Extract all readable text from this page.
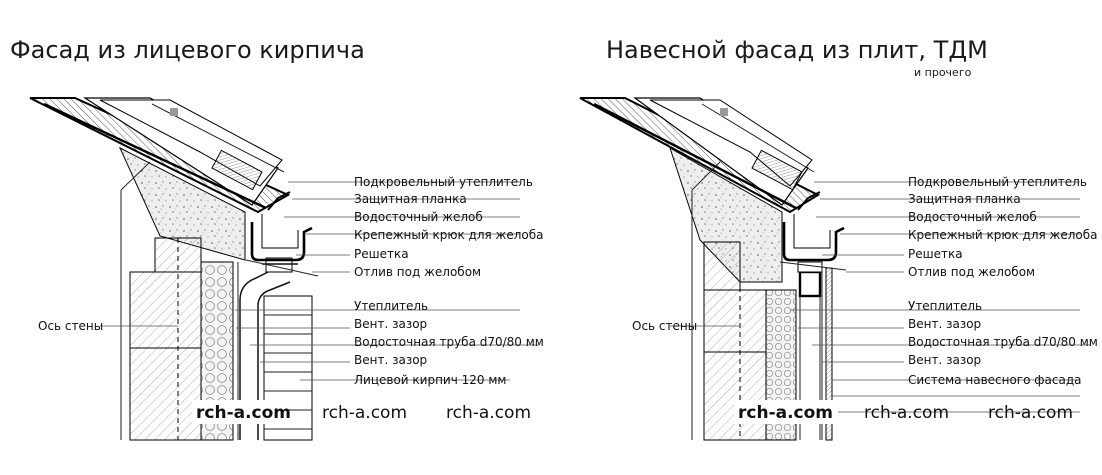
Фасад из лицевого кирпича	Навесной фасад из плит, ТДМ
и прочего
Подкровельный утеплитель
Защитная планка
Водосточный желоб
Крепежный крюк для желоба
Решетка
Отлив под желобом
Утеплитель
Вент. зазор
Водосточная труба d70/80 мм
Вент. зазор
Лицевой кирпич 120 мм
Ось стены
rch-a.com rch-a.com rch-a.com
Подкровельный утеплитель
Защитная планка
Водосточный желоб
Крепежный крюк для желоба
Решетка
Отлив под желобом
Утеплитель
Вент. зазор
Водосточная труба d70/80 мм
Вент. зазор
Система навесного фасада
Ось стены
rch-a.com rch-a.com rch-a.com
